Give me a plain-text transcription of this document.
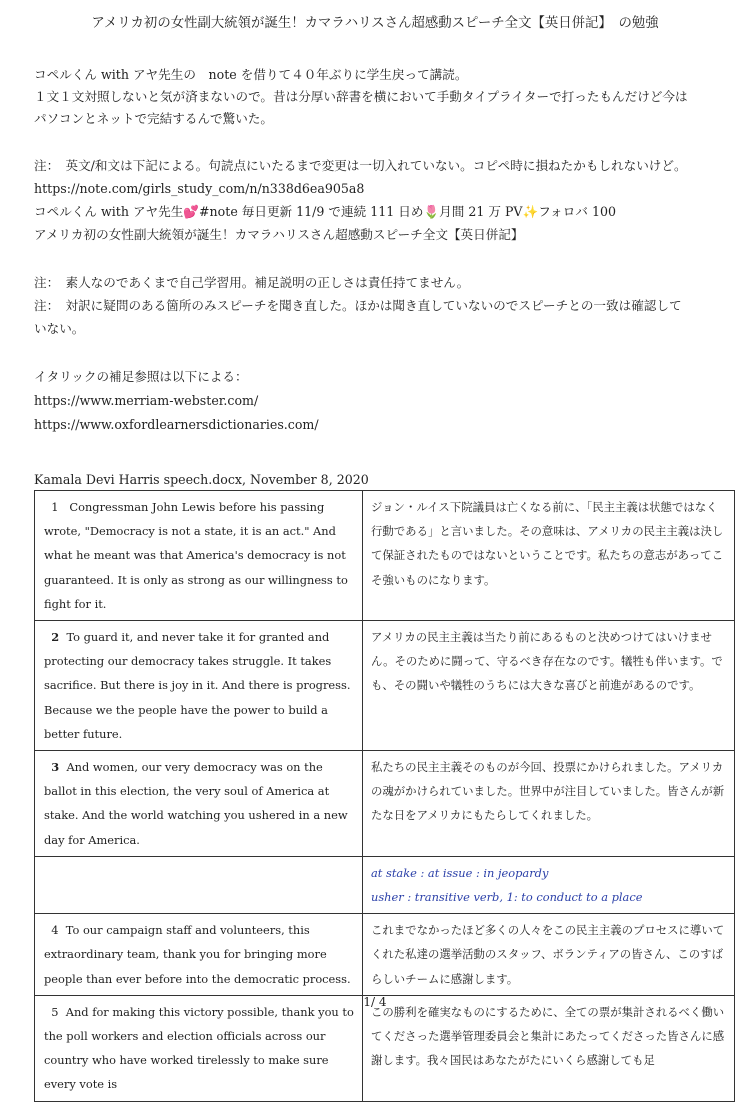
アメリカ初の女性副大統領が誕生！カマラハリスさん超感動スピーチ全文【英日併記】　の勉強
コペルくん with アヤ先生の　note を借りて４０年ぶりに学生戻って講読。
１文１文対照しないと気が済まないので。昔は分厚い辞書を横において手動タイプライターで打ったもんだけど今は
パソコンとネットで完結するんで驚いた。
注：　英文/和文は下記による。句読点にいたるまで変更は一切入れていない。コピペ時に損ねたかもしれないけど。
https://note.com/girls_study_com/n/n338d6ea905a8
コペルくん with アヤ先生💕#note 毎日更新 11/9 で連続 111 日め🌷月間 21 万 PV✨フォロバ 100
アメリカ初の女性副大統領が誕生！カマラハリスさん超感動スピーチ全文【英日併記】
注：　素人なのであくまで自己学習用。補足説明の正しさは責任持てません。
注：　対訳に疑問のある箇所のみスピーチを聞き直した。ほかは聞き直していないのでスピーチとの一致は確認して
いない。
イタリックの補足参照は以下による：
https://www.merriam-webster.com/
https://www.oxfordlearnersdictionaries.com/
Kamala Devi Harris speech.docx, November 8, 2020
1 Congressman John Lewis before his passing wrote, "Democracy is not a state, it is an act." And what he meant was that America's democracy is not guaranteed. It is only as strong as our willingness to fight for it.	ジョン・ルイス下院議員は亡くなる前に、「民主主義は状態ではなく行動である」と言いました。その意味は、アメリカの民主主義は決して保証されたものではないということです。私たちの意志があってこそ強いものになります。
2 To guard it, and never take it for granted and protecting our democracy takes struggle. It takes sacrifice. But there is joy in it. And there is progress. Because we the people have the power to build a better future.	アメリカの民主主義は当たり前にあるものと決めつけてはいけません。そのために闘って、守るべき存在なのです。犠牲も伴います。でも、その闘いや犠牲のうちには大きな喜びと前進があるのです。
3 And women, our very democracy was on the ballot in this election, the very soul of America at stake. And the world watching you ushered in a new day for America.	私たちの民主主義そのものが今回、投票にかけられました。アメリカの魂がかけられていました。世界中が注目していました。皆さんが新たな日をアメリカにもたらしてくれました。

	at stake : at issue : in jeopardy
usher : transitive verb, 1: to conduct to a place

4 To our campaign staff and volunteers, this extraordinary team, thank you for bringing more people than ever before into the democratic process.	これまでなかったほど多くの人々をこの民主主義のプロセスに導いてくれた私達の選挙活動のスタッフ、ボランティアの皆さん、このすばらしいチームに感謝します。
5 And for making this victory possible, thank you to the poll workers and election officials across our country who have worked tirelessly to make sure every vote is	この勝利を確実なものにするために、全ての票が集計されるべく働いてくださった選挙管理委員会と集計にあたってくださった皆さんに感謝します。我々国民はあなたがたにいくら感謝しても足
1/ 4
